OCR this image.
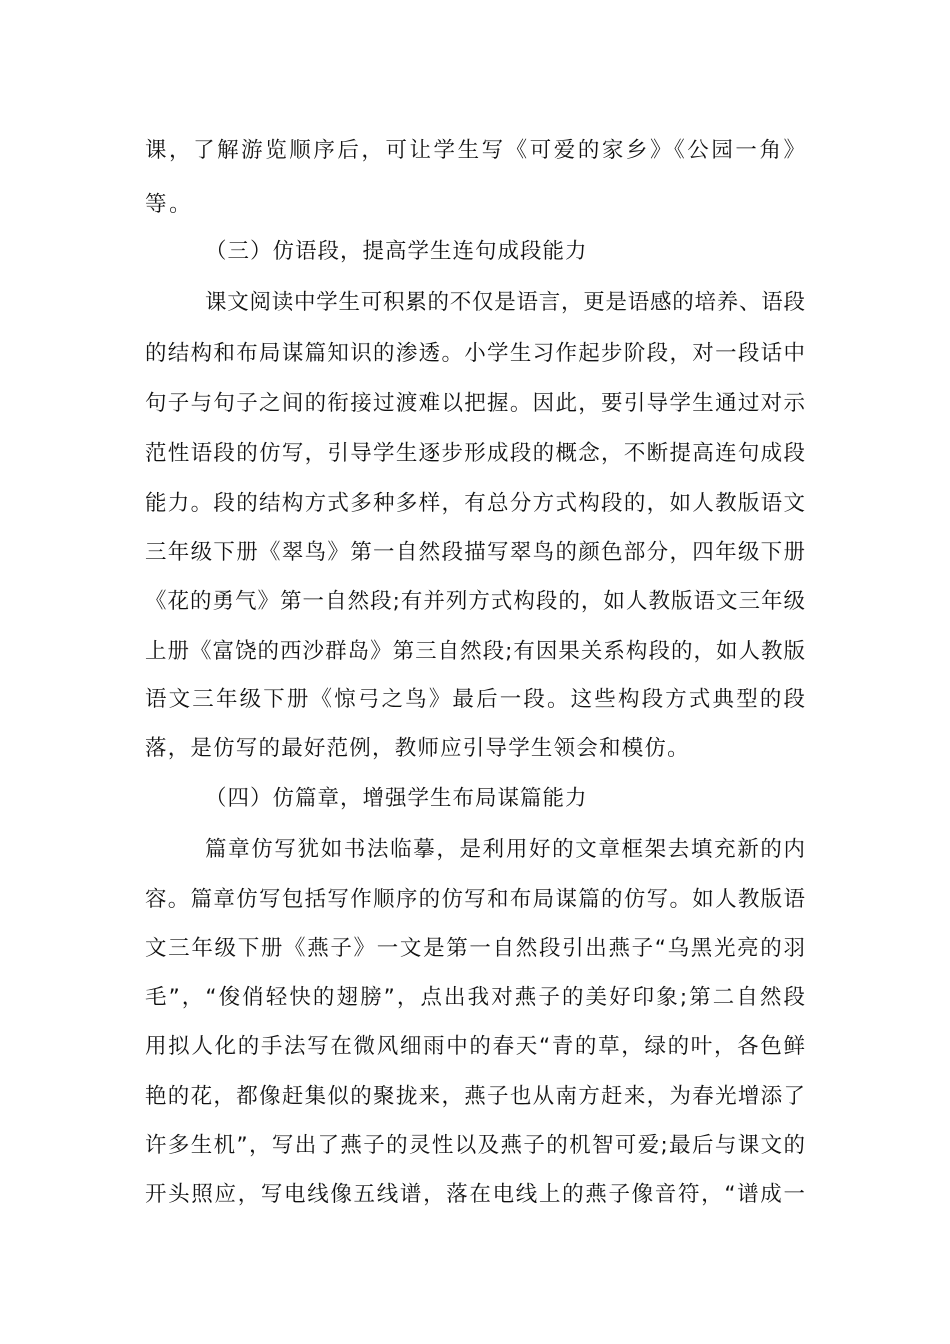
课，了解游览顺序后，可让学生写《可爱的家乡》《公园一角》
等。
（三）仿语段，提高学生连句成段能力
课文阅读中学生可积累的不仅是语言，更是语感的培养、语段
的结构和布局谋篇知识的渗透。小学生习作起步阶段，对一段话中
句子与句子之间的衔接过渡难以把握。因此，要引导学生通过对示
范性语段的仿写，引导学生逐步形成段的概念，不断提高连句成段
能力。段的结构方式多种多样，有总分方式构段的，如人教版语文
三年级下册《翠鸟》第一自然段描写翠鸟的颜色部分，四年级下册
《花的勇气》第一自然段;有并列方式构段的，如人教版语文三年级
上册《富饶的西沙群岛》第三自然段;有因果关系构段的，如人教版
语文三年级下册《惊弓之鸟》最后一段。这些构段方式典型的段
落，是仿写的最好范例，教师应引导学生领会和模仿。
（四）仿篇章，增强学生布局谋篇能力
篇章仿写犹如书法临摹，是利用好的文章框架去填充新的内
容。篇章仿写包括写作顺序的仿写和布局谋篇的仿写。如人教版语
文三年级下册《燕子》一文是第一自然段引出燕子“乌黑光亮的羽
毛”，“俊俏轻快的翅膀”，点出我对燕子的美好印象;第二自然段
用拟人化的手法写在微风细雨中的春天“青的草，绿的叶，各色鲜
艳的花，都像赶集似的聚拢来，燕子也从南方赶来，为春光增添了
许多生机”，写出了燕子的灵性以及燕子的机智可爱;最后与课文的
开头照应，写电线像五线谱，落在电线上的燕子像音符，“谱成一
